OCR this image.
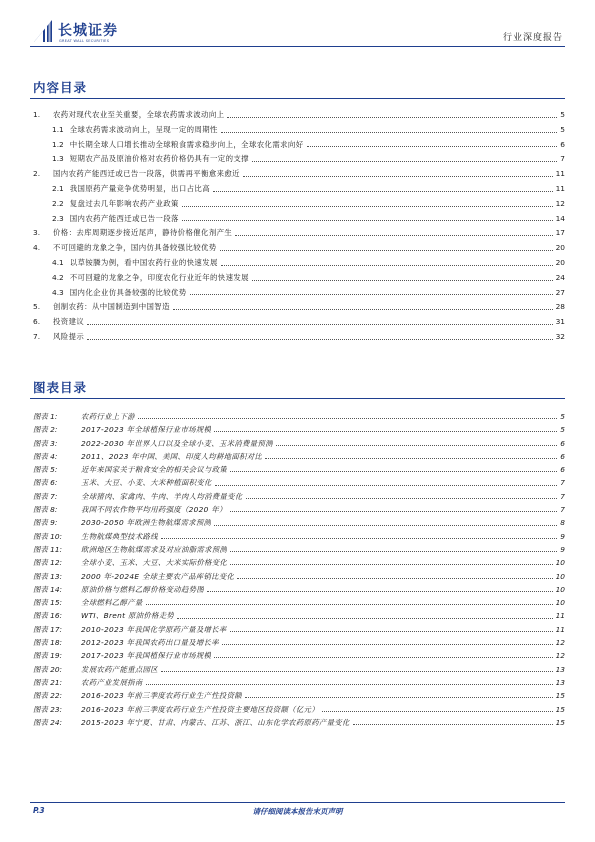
长城证券
GREAT WALL SECURITIES	行业深度报告
内容目录
1.	农药对现代农业至关重要，全球农药需求波动向上	5
1.1 全球农药需求波动向上，呈现一定的周期性	5
1.2 中长期全球人口增长推动全球粮食需求稳步向上，全球农化需求向好	6
1.3 短期农产品及原油价格对农药价格仍具有一定的支撑	7
2.	国内农药产能西迁或已告一段落，供需再平衡愈来愈近	11
2.1 我国原药产量竞争优势明显，出口占比高	11
2.2 复盘过去几年影响农药产业政策	12
2.3 国内农药产能西迁或已告一段落	14
3.	价格：去库周期逐步接近尾声，静待价格催化剂产生	17
4.	不可回避的龙象之争，国内仿具备较强比较优势	20
4.1 以草铵膦为例，看中国农药行业的快速发展	20
4.2 不可回避的龙象之争，印度农化行业近年的快速发展	24
4.3 国内化企业仿具备较强的比较优势	27
5.	创制农药：从中国制造到中国智造	28
6.	投资建议	31
7.	风险提示	32
图表目录
图表 1:	农药行业上下游	5
图表 2:	2017-2023 年全球植保行业市场规模	5
图表 3:	2022-2030 年世界人口以及全球小麦、玉米消费量预测	6
图表 4:	2011、2023 年中国、美国、印度人均耕地面积对比	6
图表 5:	近年来国家关于粮食安全的相关会议与政策	6
图表 6:	玉米、大豆、小麦、大米种植面积变化	7
图表 7:	全球猪肉、家禽肉、牛肉、羊肉人均消费量变化	7
图表 8:	我国不同农作物平均用药强度（2020 年）	7
图表 9:	2030-2050 年欧洲生物航煤需求预测	8
图表 10:	生物航煤典型技术路线	9
图表 11:	欧洲地区生物航煤需求及对应油脂需求预测	9
图表 12:	全球小麦、玉米、大豆、大米实际价格变化	10
图表 13:	2000 年-2024E 全球主要农产品库销比变化	10
图表 14:	原油价格与燃料乙醇价格变动趋势图	10
图表 15:	全球燃料乙醇产量	10
图表 16:	WTI、Brent 原油价格走势	11
图表 17:	2010-2023 年我国化学原药产量及增长率	11
图表 18:	2012-2023 年我国农药出口量及增长率	12
图表 19:	2017-2023 年我国植保行业市场规模	12
图表 20:	发展农药产能重点园区	13
图表 21:	农药产业发展指南	13
图表 22:	2016-2023 年前三季度农药行业生产性投资额	15
图表 23:	2016-2023 年前三季度农药行业生产性投资主要地区投资额（亿元）	15
图表 24:	2015-2023 年宁夏、甘肃、内蒙古、江苏、浙江、山东化学农药原药产量变化	15
请仔细阅读本报告末页声明
P.3
